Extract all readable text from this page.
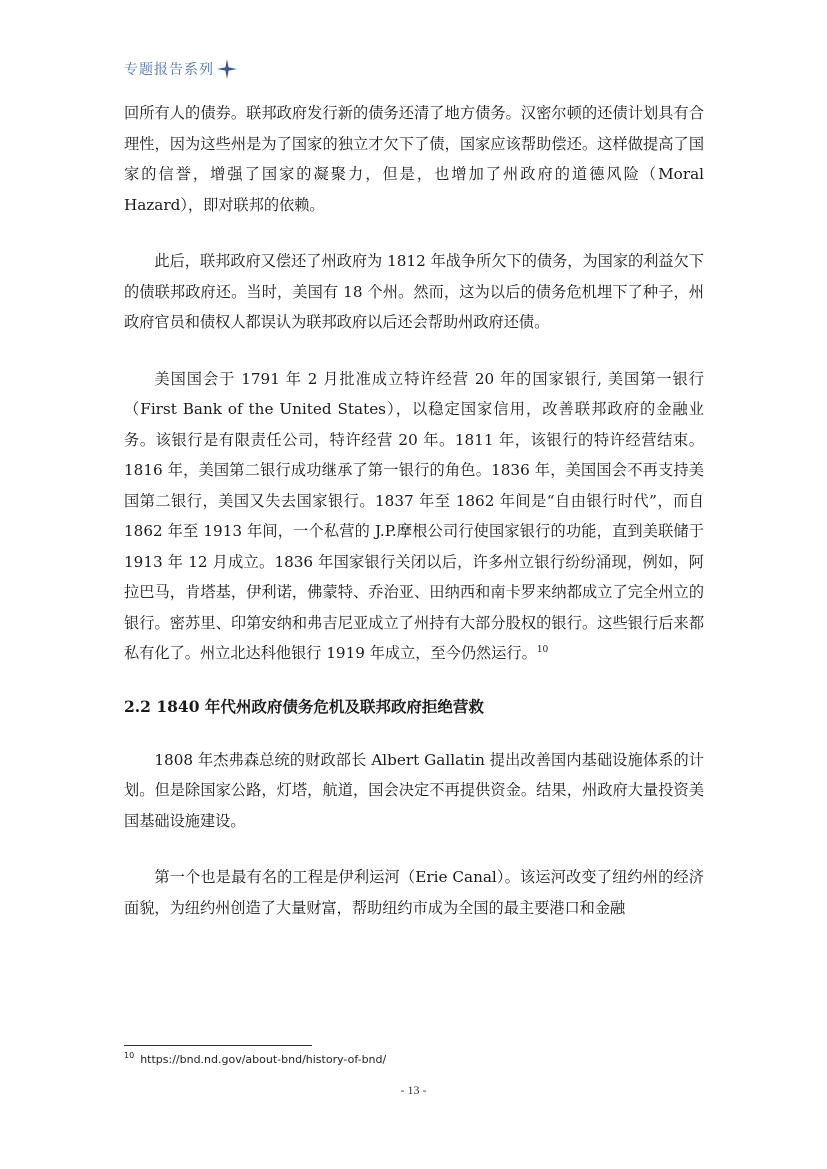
专题报告系列

回所有人的债券。联邦政府发行新的债务还清了地方债务。汉密尔顿的还债计划具有合理性，因为这些州是为了国家的独立才欠下了债，国家应该帮助偿还。这样做提高了国家的信誉，增强了国家的凝聚力，但是，也增加了州政府的道德风险（Moral Hazard），即对联邦的依赖。

此后，联邦政府又偿还了州政府为 1812 年战争所欠下的债务，为国家的利益欠下的债联邦政府还。当时，美国有 18 个州。然而，这为以后的债务危机埋下了种子，州政府官员和债权人都误认为联邦政府以后还会帮助州政府还债。

美国国会于 1791 年 2 月批准成立特许经营 20 年的国家银行, 美国第一银行（First Bank of the United States），以稳定国家信用，改善联邦政府的金融业务。该银行是有限责任公司，特许经营 20 年。1811 年，该银行的特许经营结束。1816 年，美国第二银行成功继承了第一银行的角色。1836 年，美国国会不再支持美国第二银行，美国又失去国家银行。1837 年至 1862 年间是“自由银行时代”，而自 1862 年至 1913 年间，一个私营的 J.P.摩根公司行使国家银行的功能，直到美联储于 1913 年 12 月成立。1836 年国家银行关闭以后，许多州立银行纷纷涌现，例如，阿拉巴马，肯塔基，伊利诺，佛蒙特、乔治亚、田纳西和南卡罗来纳都成立了完全州立的银行。密苏里、印第安纳和弗吉尼亚成立了州持有大部分股权的银行。这些银行后来都私有化了。州立北达科他银行 1919 年成立，至今仍然运行。$^{10}$

2.2 1840 年代州政府债务危机及联邦政府拒绝营救

1808 年杰弗森总统的财政部长 Albert Gallatin 提出改善国内基础设施体系的计划。但是除国家公路，灯塔，航道，国会决定不再提供资金。结果，州政府大量投资美国基础设施建设。

第一个也是最有名的工程是伊利运河（Erie Canal）。该运河改变了纽约州的经济面貌，为纽约州创造了大量财富，帮助纽约市成为全国的最主要港口和金融

$^{10}$ https://bnd.nd.gov/about-bnd/history-of-bnd/
- 13 -
